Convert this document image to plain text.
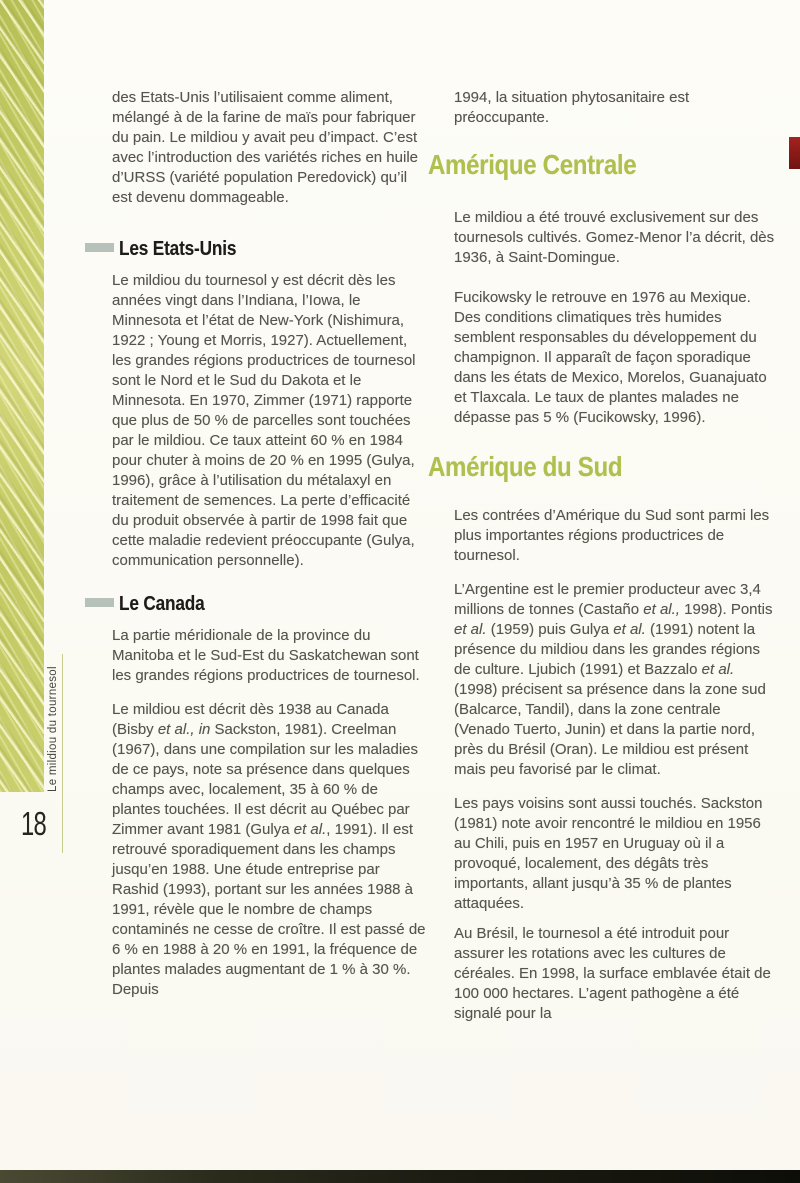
Le mildiou du tournesol
18

des Etats-Unis l’utilisaient comme aliment, mélangé à de la farine de maïs pour fabriquer du pain. Le mildiou y avait peu d’impact. C’est avec l’introduction des variétés riches en huile d’URSS (variété population Peredovick) qu’il est devenu dommageable.

Les Etats-Unis

Le mildiou du tournesol y est décrit dès les années vingt dans l’Indiana, l’Iowa, le Minnesota et l’état de New-York (Nishimura, 1922 ; Young et Morris, 1927). Actuellement, les grandes régions productrices de tournesol sont le Nord et le Sud du Dakota et le Minnesota. En 1970, Zimmer (1971) rapporte que plus de 50 % de parcelles sont touchées par le mildiou. Ce taux atteint 60 % en 1984 pour chuter à moins de 20 % en 1995 (Gulya, 1996), grâce à l’utilisation du métalaxyl en traitement de semences. La perte d’efficacité du produit observée à partir de 1998 fait que cette maladie redevient préoccupante (Gulya, communication personnelle).

Le Canada

La partie méridionale de la province du Manitoba et le Sud-Est du Saskatchewan sont les grandes régions productrices de tournesol.

Le mildiou est décrit dès 1938 au Canada (Bisby et al., in Sackston, 1981). Creelman (1967), dans une compilation sur les maladies de ce pays, note sa présence dans quelques champs avec, localement, 35 à 60 % de plantes touchées. Il est décrit au Québec par Zimmer avant 1981 (Gulya et al., 1991). Il est retrouvé sporadiquement dans les champs jusqu’en 1988. Une étude entreprise par Rashid (1993), portant sur les années 1988 à 1991, révèle que le nombre de champs contaminés ne cesse de croître. Il est passé de 6 % en 1988 à 20 % en 1991, la fréquence de plantes malades augmentant de 1 % à 30 %. Depuis

1994, la situation phytosanitaire est préoccupante.

Amérique Centrale

Le mildiou a été trouvé exclusivement sur des tournesols cultivés. Gomez-Menor l’a décrit, dès 1936, à Saint-Domingue.

Fucikowsky le retrouve en 1976 au Mexique. Des conditions climatiques très humides semblent responsables du développement du champignon. Il apparaît de façon sporadique dans les états de Mexico, Morelos, Guanajuato et Tlaxcala. Le taux de plantes malades ne dépasse pas 5 % (Fucikowsky, 1996).

Amérique du Sud

Les contrées d’Amérique du Sud sont parmi les plus importantes régions productrices de tournesol.

L’Argentine est le premier producteur avec 3,4 millions de tonnes (Castaño et al., 1998). Pontis et al. (1959) puis Gulya et al. (1991) notent la présence du mildiou dans les grandes régions de culture. Ljubich (1991) et Bazzalo et al. (1998) précisent sa présence dans la zone sud (Balcarce, Tandil), dans la zone centrale (Venado Tuerto, Junin) et dans la partie nord, près du Brésil (Oran). Le mildiou est présent mais peu favorisé par le climat.

Les pays voisins sont aussi touchés. Sackston (1981) note avoir rencontré le mildiou en 1956 au Chili, puis en 1957 en Uruguay où il a provoqué, localement, des dégâts très importants, allant jusqu’à 35 % de plantes attaquées.

Au Brésil, le tournesol a été introduit pour assurer les rotations avec les cultures de céréales. En 1998, la surface emblavée était de 100 000 hectares. L’agent pathogène a été signalé pour la
